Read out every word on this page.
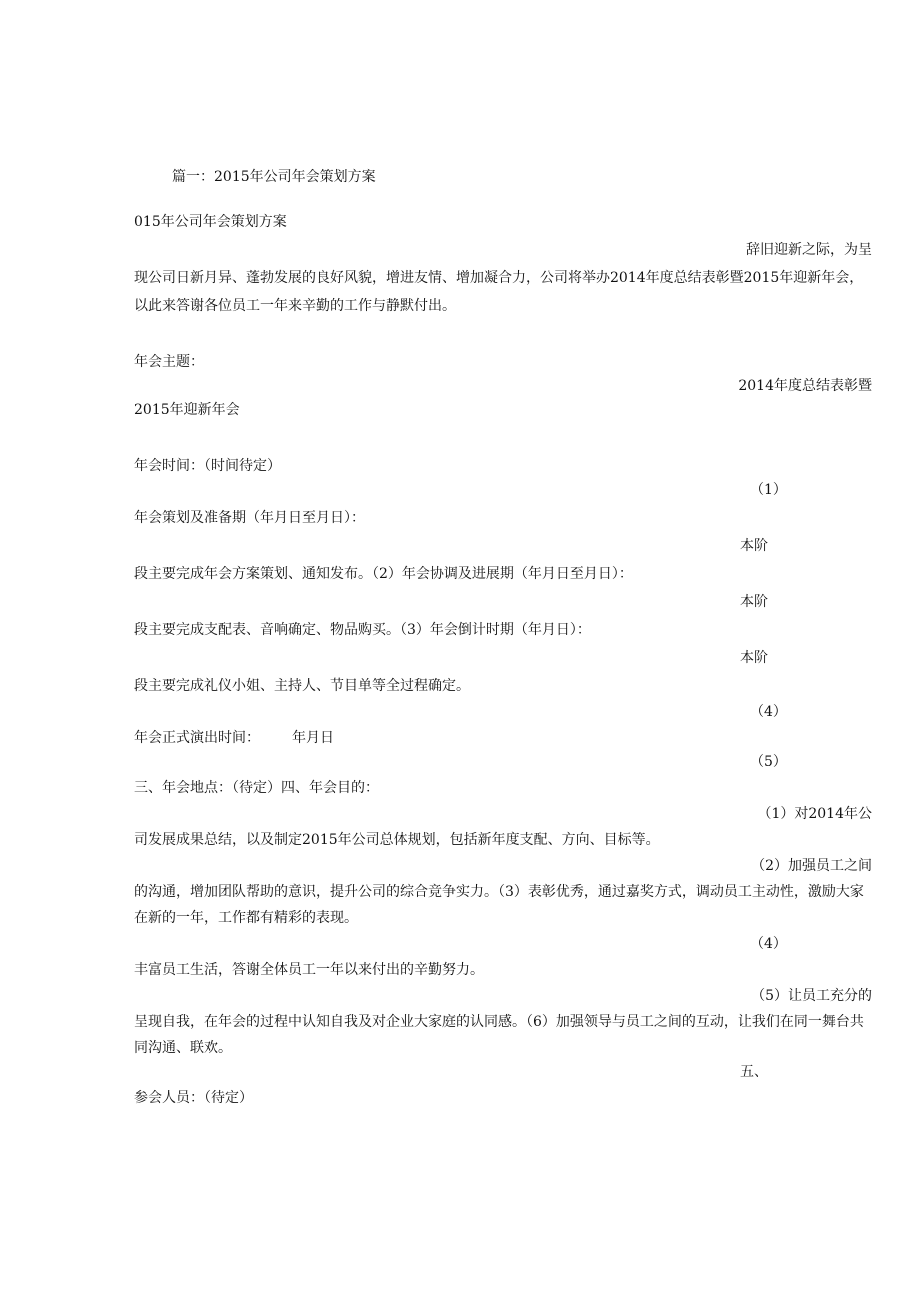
篇一：2015年公司年会策划方案
015年公司年会策划方案
辞旧迎新之际，为呈
现公司日新月异、蓬勃发展的良好风貌，增进友情、增加凝合力，公司将举办2014年度总结表彰暨2015年迎新年会，
以此来答谢各位员工一年来辛勤的工作与静默付出。
年会主题：
2014年度总结表彰暨
2015年迎新年会
年会时间：（时间待定）
（1）
年会策划及准备期（年月日至月日）：
本阶
段主要完成年会方案策划、通知发布。（2）年会协调及进展期（年月日至月日）：
本阶
段主要完成支配表、音响确定、物品购买。（3）年会倒计时期（年月日）：
本阶
段主要完成礼仪小姐、主持人、节目单等全过程确定。
（4）
年会正式演出时间： 年月日
（5）
三、年会地点：（待定）四、年会目的：
（1）对2014年公
司发展成果总结，以及制定2015年公司总体规划，包括新年度支配、方向、目标等。
（2）加强员工之间
的沟通，增加团队帮助的意识，提升公司的综合竞争实力。（3）表彰优秀，通过嘉奖方式，调动员工主动性，激励大家
在新的一年，工作都有精彩的表现。
（4）
丰富员工生活，答谢全体员工一年以来付出的辛勤努力。
（5）让员工充分的
呈现自我，在年会的过程中认知自我及对企业大家庭的认同感。（6）加强领导与员工之间的互动，让我们在同一舞台共
同沟通、联欢。
五、
参会人员：（待定）
